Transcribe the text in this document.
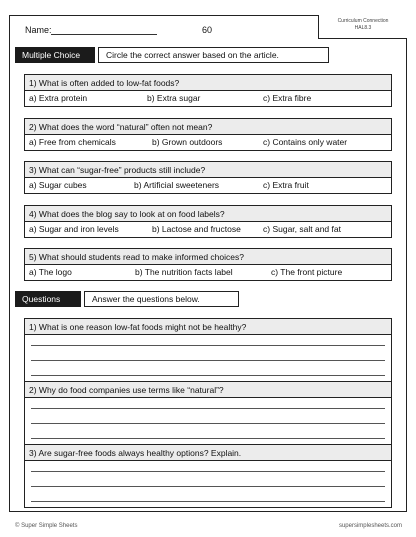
Name:	60
Curriculum Connection
HAL8.3
Multiple Choice	Circle the correct answer based on the article.
1) What is often added to low-fat foods?
a) Extra protein	b) Extra sugar	c) Extra fibre
2) What does the word “natural” often not mean?
a) Free from chemicals	b) Grown outdoors	c) Contains only water
3) What can “sugar-free” products still include?
a) Sugar cubes	b) Artificial sweeteners	c) Extra fruit
4) What does the blog say to look at on food labels?
a) Sugar and iron levels	b) Lactose and fructose	c) Sugar, salt and fat
5) What should students read to make informed choices?
a) The logo	b) The nutrition facts label	c) The front picture
Questions	Answer the questions below.
1) What is one reason low-fat foods might not be healthy?
2) Why do food companies use terms like “natural”?
3) Are sugar-free foods always healthy options? Explain.
© Super Simple Sheets	supersimplesheets.com
